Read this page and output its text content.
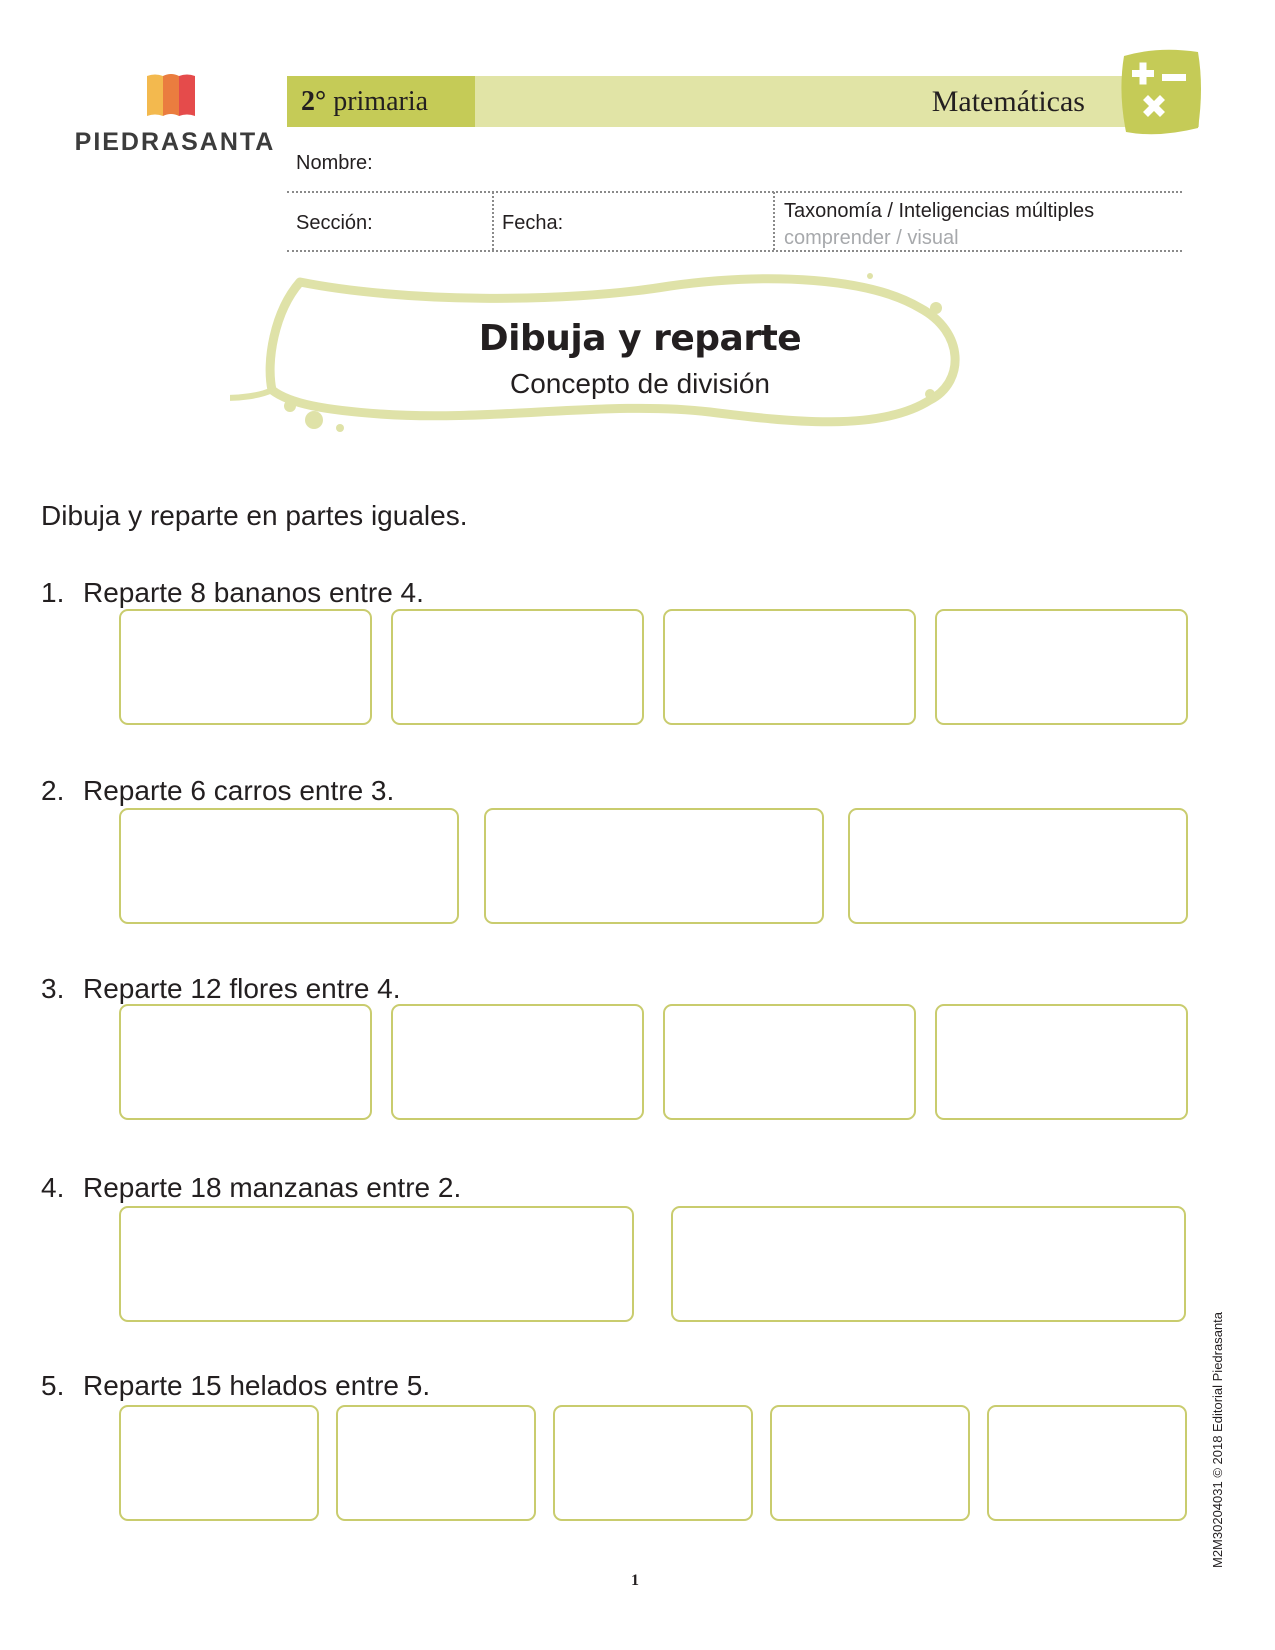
PIEDRASANTA
2°
primaria	Matemáticas
Nombre:
Sección:	Fecha:
Taxonomía / Inteligencias múltiples
comprender / visual
Dibuja y reparte
Concepto de división
Dibuja y reparte en partes iguales.
1. Reparte 8 bananos entre 4.
2. Reparte 6 carros entre 3.
3. Reparte 12 flores entre 4.
4. Reparte 18 manzanas entre 2.
5. Reparte 15 helados entre 5.
1
M2M30204031 © 2018 Editorial Piedrasanta
